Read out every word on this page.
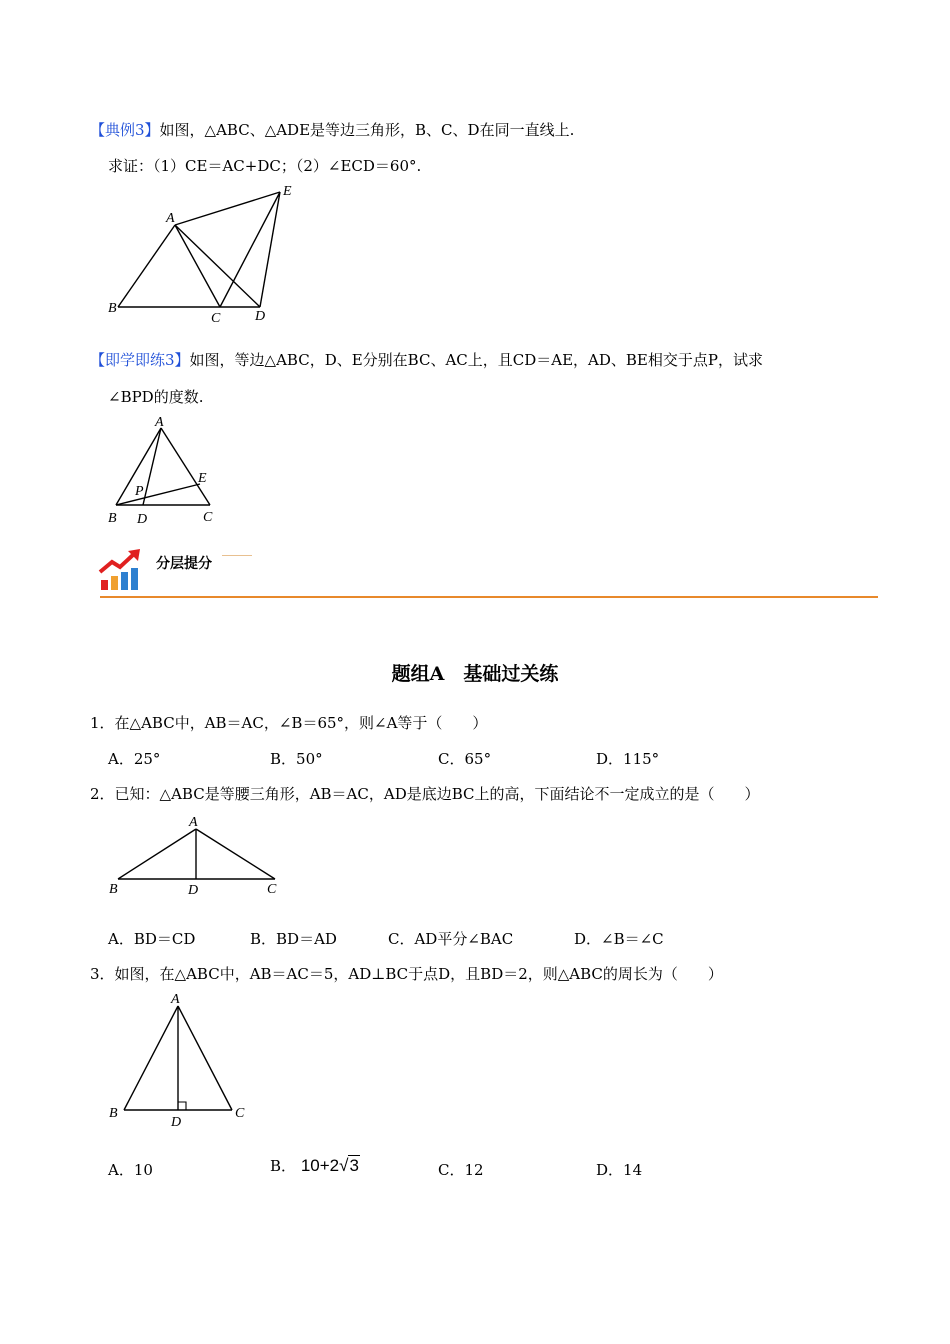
【典例3】如图，△ABC、△ADE是等边三角形，B、C、D在同一直线上.
求证：（1）CE＝AC+DC；（2）∠ECD＝60°.
A
B
C D
E
【即学即练3】如图，等边△ABC，D、E分别在BC、AC上，且CD＝AE，AD、BE相交于点P，试求
∠BPD的度数.
A
B	C
D
E
P
分层提分
题组A　基础过关练
1．在△ABC中，AB＝AC，∠B＝65°，则∠A等于（　　）
A．25°	B．50°	C．65°	D．115°
2．已知：△ABC是等腰三角形，AB＝AC，AD是底边BC上的高，下面结论不一定成立的是（　　）
A
B	D	C
A．BD＝CD	B．BD＝AD	C．AD平分∠BAC	D．∠B＝∠C
3．如图，在△ABC中，AB＝AC＝5，AD⊥BC于点D，且BD＝2，则△ABC的周长为（　　）
A
B
D
C
A．10	B． 10+2√3	C．12	D．14
